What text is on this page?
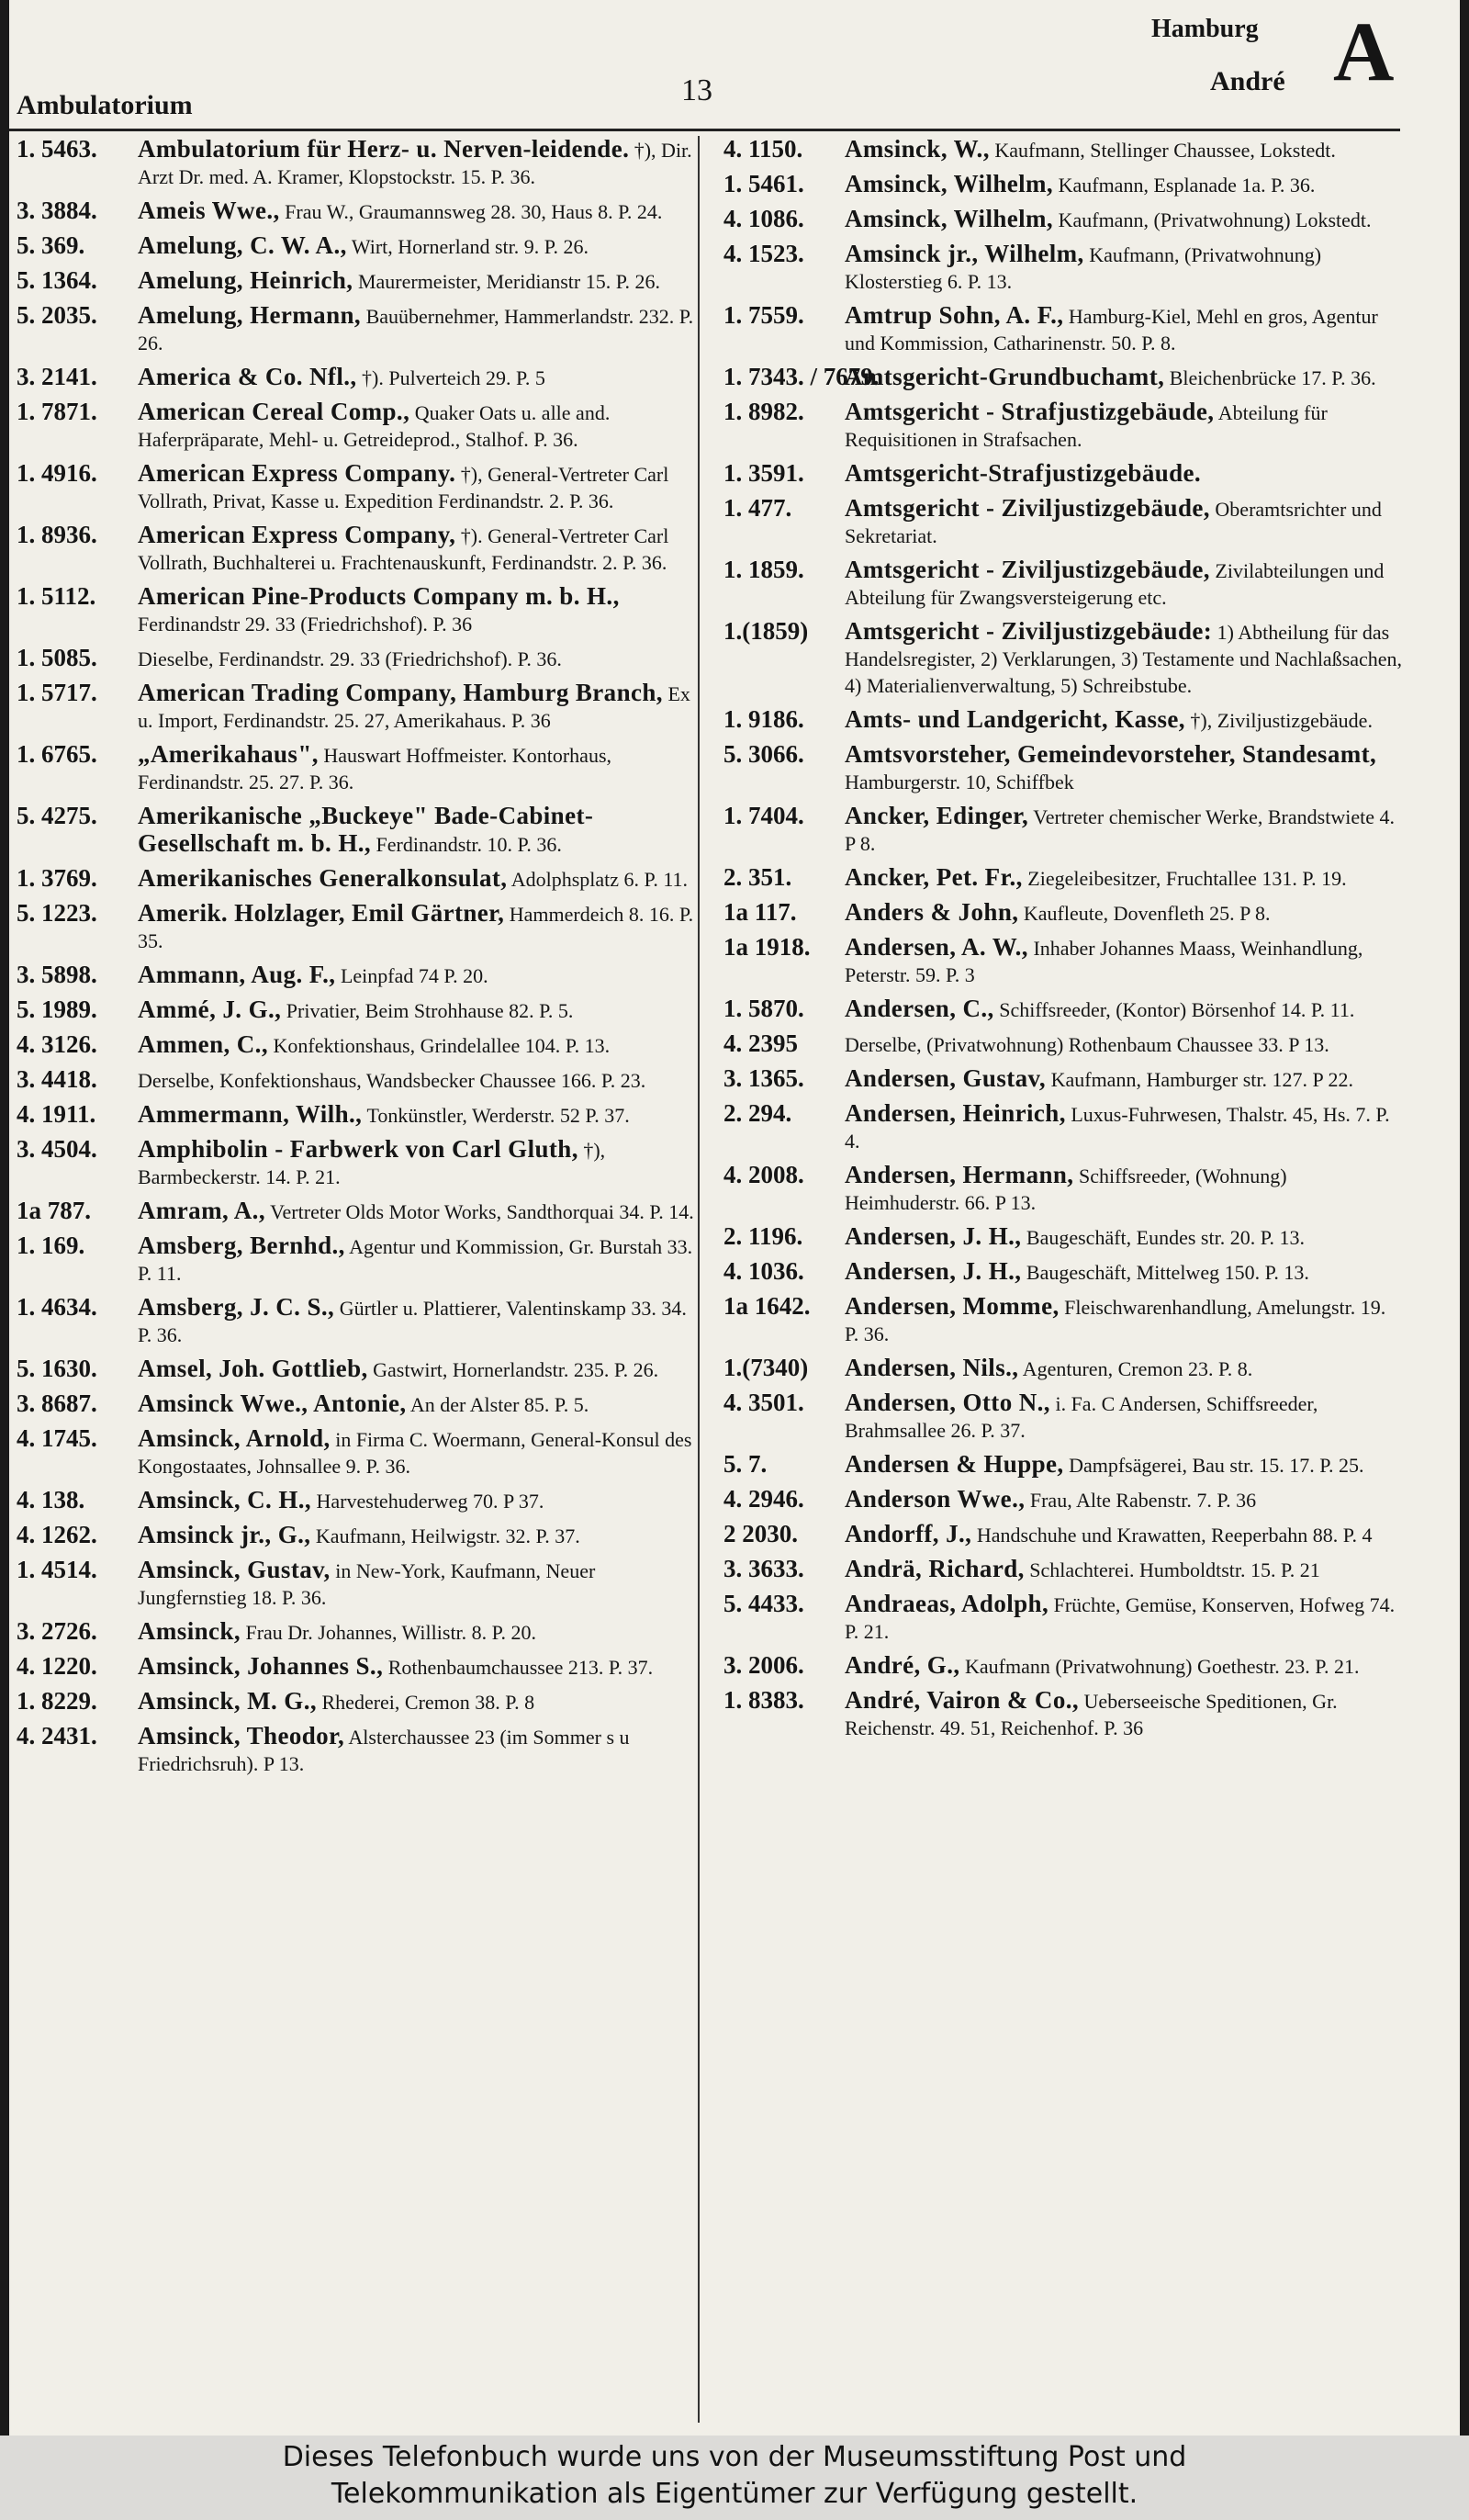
Ambulatorium	13
Hamburg A
André
1. 5463. Ambulatorium für Herz- u. Nerven-leidende. †), Dir. Arzt Dr. med. A. Kramer, Klopstockstr. 15. P. 36.
3. 3884. Ameis Wwe., Frau W., Graumannsweg 28. 30, Haus 8. P. 24.
5. 369. Amelung, C. W. A., Wirt, Hornerland str. 9. P. 26.
5. 1364. Amelung, Heinrich, Maurermeister, Meridianstr 15. P. 26.
5. 2035. Amelung, Hermann, Bauübernehmer, Hammerlandstr. 232. P. 26.
3. 2141. America & Co. Nfl., †). Pulverteich 29. P. 5
1. 7871. American Cereal Comp., Quaker Oats u. alle and. Haferpräparate, Mehl- u. Getreideprod., Stalhof. P. 36.
1. 4916. American Express Company. †), General-Vertreter Carl Vollrath, Privat, Kasse u. Expedition Ferdinandstr. 2. P. 36.
1. 8936. American Express Company, †). General-Vertreter Carl Vollrath, Buchhalterei u. Frachtenauskunft, Ferdinandstr. 2. P. 36.
1. 5112. American Pine-Products Company m. b. H., Ferdinandstr 29. 33 (Friedrichshof). P. 36
1. 5085. Dieselbe, Ferdinandstr. 29. 33 (Friedrichshof). P. 36.
1. 5717. American Trading Company, Hamburg Branch, Ex u. Import, Ferdinandstr. 25. 27, Amerikahaus. P. 36
1. 6765. „Amerikahaus", Hauswart Hoffmeister. Kontorhaus, Ferdinandstr. 25. 27. P. 36.
5. 4275. Amerikanische „Buckeye" Bade-Cabinet-Gesellschaft m. b. H., Ferdinandstr. 10. P. 36.
1. 3769. Amerikanisches Generalkonsulat, Adolphsplatz 6. P. 11.
5. 1223. Amerik. Holzlager, Emil Gärtner, Hammerdeich 8. 16. P. 35.
3. 5898. Ammann, Aug. F., Leinpfad 74 P. 20.
5. 1989. Ammé, J. G., Privatier, Beim Strohhause 82. P. 5.
4. 3126. Ammen, C., Konfektionshaus, Grindelallee 104. P. 13.
3. 4418. Derselbe, Konfektionshaus, Wandsbecker Chaussee 166. P. 23.
4. 1911. Ammermann, Wilh., Tonkünstler, Werderstr. 52 P. 37.
3. 4504. Amphibolin - Farbwerk von Carl Gluth, †), Barmbeckerstr. 14. P. 21.
1a 787. Amram, A., Vertreter Olds Motor Works, Sandthorquai 34. P. 14.
1. 169. Amsberg, Bernhd., Agentur und Kommission, Gr. Burstah 33. P. 11.
1. 4634. Amsberg, J. C. S., Gürtler u. Plattierer, Valentinskamp 33. 34. P. 36.
5. 1630. Amsel, Joh. Gottlieb, Gastwirt, Hornerlandstr. 235. P. 26.
3. 8687. Amsinck Wwe., Antonie, An der Alster 85. P. 5.
4. 1745. Amsinck, Arnold, in Firma C. Woermann, General-Konsul des Kongostaates, Johnsallee 9. P. 36.
4. 138. Amsinck, C. H., Harvestehuderweg 70. P 37.
4. 1262. Amsinck jr., G., Kaufmann, Heilwigstr. 32. P. 37.
1. 4514. Amsinck, Gustav, in New-York, Kaufmann, Neuer Jungfernstieg 18. P. 36.
3. 2726. Amsinck, Frau Dr. Johannes, Willistr. 8. P. 20.
4. 1220. Amsinck, Johannes S., Rothenbaumchaussee 213. P. 37.
1. 8229. Amsinck, M. G., Rhederei, Cremon 38. P. 8
4. 2431. Amsinck, Theodor, Alsterchaussee 23 (im Sommer s u Friedrichsruh). P 13.
4. 1150. Amsinck, W., Kaufmann, Stellinger Chaussee, Lokstedt.
1. 5461. Amsinck, Wilhelm, Kaufmann, Esplanade 1a. P. 36.
4. 1086. Amsinck, Wilhelm, Kaufmann, (Privatwohnung) Lokstedt.
4. 1523. Amsinck jr., Wilhelm, Kaufmann, (Privatwohnung) Klosterstieg 6. P. 13.
1. 7559. Amtrup Sohn, A. F., Hamburg-Kiel, Mehl en gros, Agentur und Kommission, Catharinenstr. 50. P. 8.
1. 7343. / 7679.
Amtsgericht-Grundbuchamt, Bleichenbrücke 17. P. 36.
1. 8982. Amtsgericht - Strafjustizgebäude, Abteilung für Requisitionen in Strafsachen.
1. 3591. Amtsgericht-Strafjustizgebäude.
1. 477. Amtsgericht - Ziviljustizgebäude, Oberamtsrichter und Sekretariat.
1. 1859. Amtsgericht - Ziviljustizgebäude, Zivilabteilungen und Abteilung für Zwangsversteigerung etc.
1.(1859) Amtsgericht - Ziviljustizgebäude: 1) Abtheilung für das Handelsregister, 2) Verklarungen, 3) Testamente und Nachlaßsachen, 4) Materialienverwaltung, 5) Schreibstube.
1. 9186. Amts- und Landgericht, Kasse, †), Ziviljustizgebäude.
5. 3066. Amtsvorsteher, Gemeindevorsteher, Standesamt, Hamburgerstr. 10, Schiffbek
1. 7404. Ancker, Edinger, Vertreter chemischer Werke, Brandstwiete 4. P 8.
2. 351. Ancker, Pet. Fr., Ziegeleibesitzer, Fruchtallee 131. P. 19.
1a 117. Anders & John, Kaufleute, Dovenfleth 25. P 8.
1a 1918. Andersen, A. W., Inhaber Johannes Maass, Weinhandlung, Peterstr. 59. P. 3
1. 5870. Andersen, C., Schiffsreeder, (Kontor) Börsenhof 14. P. 11.
4. 2395 Derselbe, (Privatwohnung) Rothenbaum Chaussee 33. P 13.
3. 1365. Andersen, Gustav, Kaufmann, Hamburger str. 127. P 22.
2. 294. Andersen, Heinrich, Luxus-Fuhrwesen, Thalstr. 45, Hs. 7. P. 4.
4. 2008. Andersen, Hermann, Schiffsreeder, (Wohnung) Heimhuderstr. 66. P 13.
2. 1196. Andersen, J. H., Baugeschäft, Eundes str. 20. P. 13.
4. 1036. Andersen, J. H., Baugeschäft, Mittelweg 150. P. 13.
1a 1642. Andersen, Momme, Fleischwarenhandlung, Amelungstr. 19. P. 36.
1.(7340) Andersen, Nils., Agenturen, Cremon 23. P. 8.
4. 3501. Andersen, Otto N., i. Fa. C Andersen, Schiffsreeder, Brahmsallee 26. P. 37.
5. 7.	Andersen & Huppe, Dampfsägerei, Bau str. 15. 17. P. 25.
4. 2946. Anderson Wwe., Frau, Alte Rabenstr. 7. P. 36
2 2030. Andorff, J., Handschuhe und Krawatten, Reeperbahn 88. P. 4
3. 3633. Andrä, Richard, Schlachterei. Humboldtstr. 15. P. 21
5. 4433. Andraeas, Adolph, Früchte, Gemüse, Konserven, Hofweg 74. P. 21.
3. 2006. André, G., Kaufmann (Privatwohnung) Goethestr. 23. P. 21.
1. 8383. André, Vairon & Co., Ueberseeische Speditionen, Gr. Reichenstr. 49. 51, Reichenhof. P. 36
Dieses Telefonbuch wurde uns von der Museumsstiftung Post und
Telekommunikation als Eigentümer zur Verfügung gestellt.
